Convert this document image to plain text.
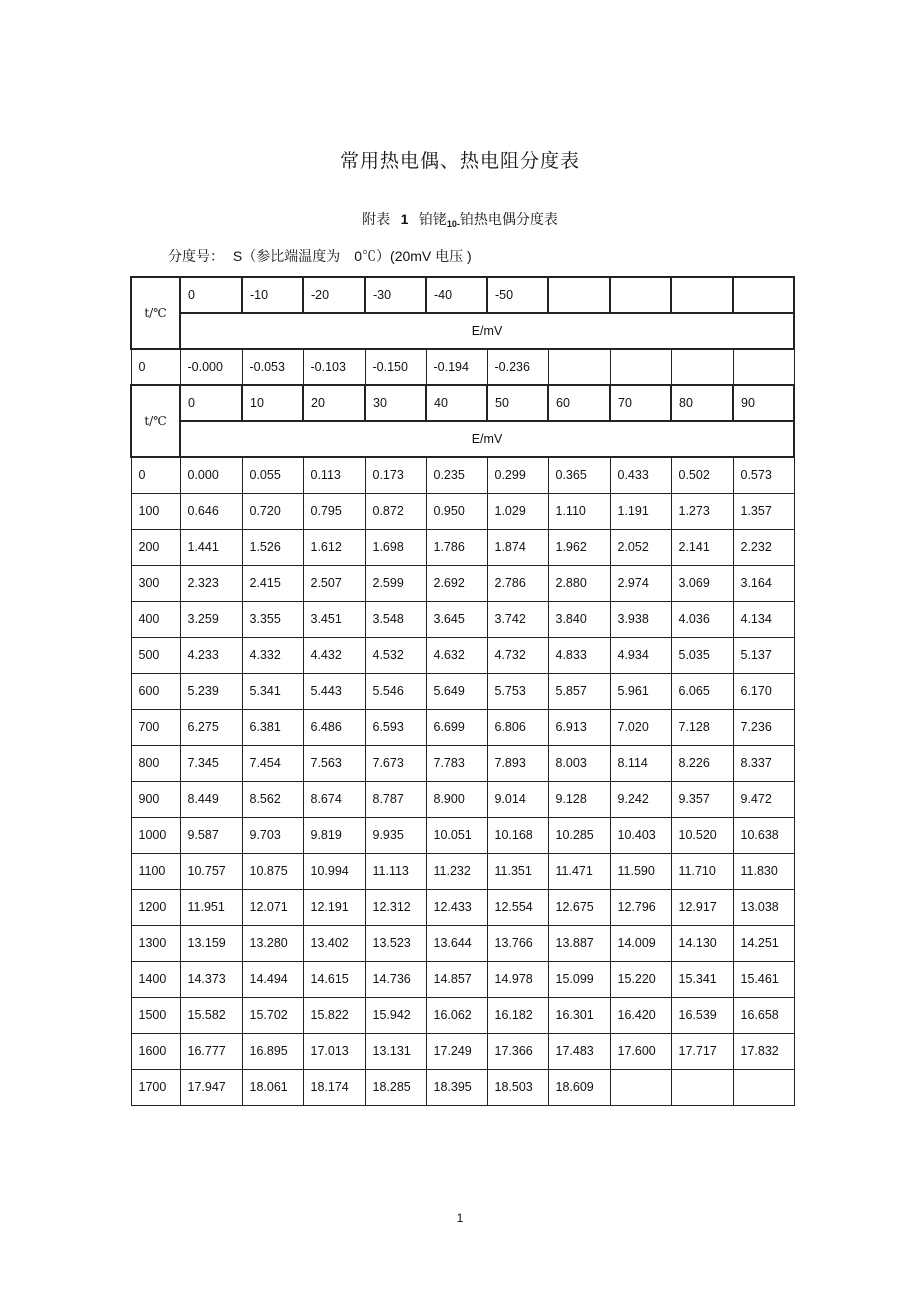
常用热电偶、热电阻分度表
附表 1 铂铑$_{10-}$铂热电偶分度表
分度号： S（参比端温度为　0℃）(20mV 电压 )
t/℃	0	-10	-20	-30	-40	-50				
	E/mV									
0	-0.000	-0.053	-0.103	-0.150	-0.194	-0.236				
t/℃	0	10	20	30	40	50	60	70	80	90
	E/mV									
0	0.000	0.055	0.113	0.173	0.235	0.299	0.365	0.433	0.502	0.573
100	0.646	0.720	0.795	0.872	0.950	1.029	1.110	1.191	1.273	1.357
200	1.441	1.526	1.612	1.698	1.786	1.874	1.962	2.052	2.141	2.232
300	2.323	2.415	2.507	2.599	2.692	2.786	2.880	2.974	3.069	3.164
400	3.259	3.355	3.451	3.548	3.645	3.742	3.840	3.938	4.036	4.134
500	4.233	4.332	4.432	4.532	4.632	4.732	4.833	4.934	5.035	5.137
600	5.239	5.341	5.443	5.546	5.649	5.753	5.857	5.961	6.065	6.170
700	6.275	6.381	6.486	6.593	6.699	6.806	6.913	7.020	7.128	7.236
800	7.345	7.454	7.563	7.673	7.783	7.893	8.003	8.114	8.226	8.337
900	8.449	8.562	8.674	8.787	8.900	9.014	9.128	9.242	9.357	9.472
1000	9.587	9.703	9.819	9.935	10.051	10.168	10.285	10.403	10.520	10.638
1100	10.757	10.875	10.994	11.113	11.232	11.351	11.471	11.590	11.710	11.830
1200	11.951	12.071	12.191	12.312	12.433	12.554	12.675	12.796	12.917	13.038
1300	13.159	13.280	13.402	13.523	13.644	13.766	13.887	14.009	14.130	14.251
1400	14.373	14.494	14.615	14.736	14.857	14.978	15.099	15.220	15.341	15.461
1500	15.582	15.702	15.822	15.942	16.062	16.182	16.301	16.420	16.539	16.658
1600	16.777	16.895	17.013	13.131	17.249	17.366	17.483	17.600	17.717	17.832
1700	17.947	18.061	18.174	18.285	18.395	18.503	18.609			
1
